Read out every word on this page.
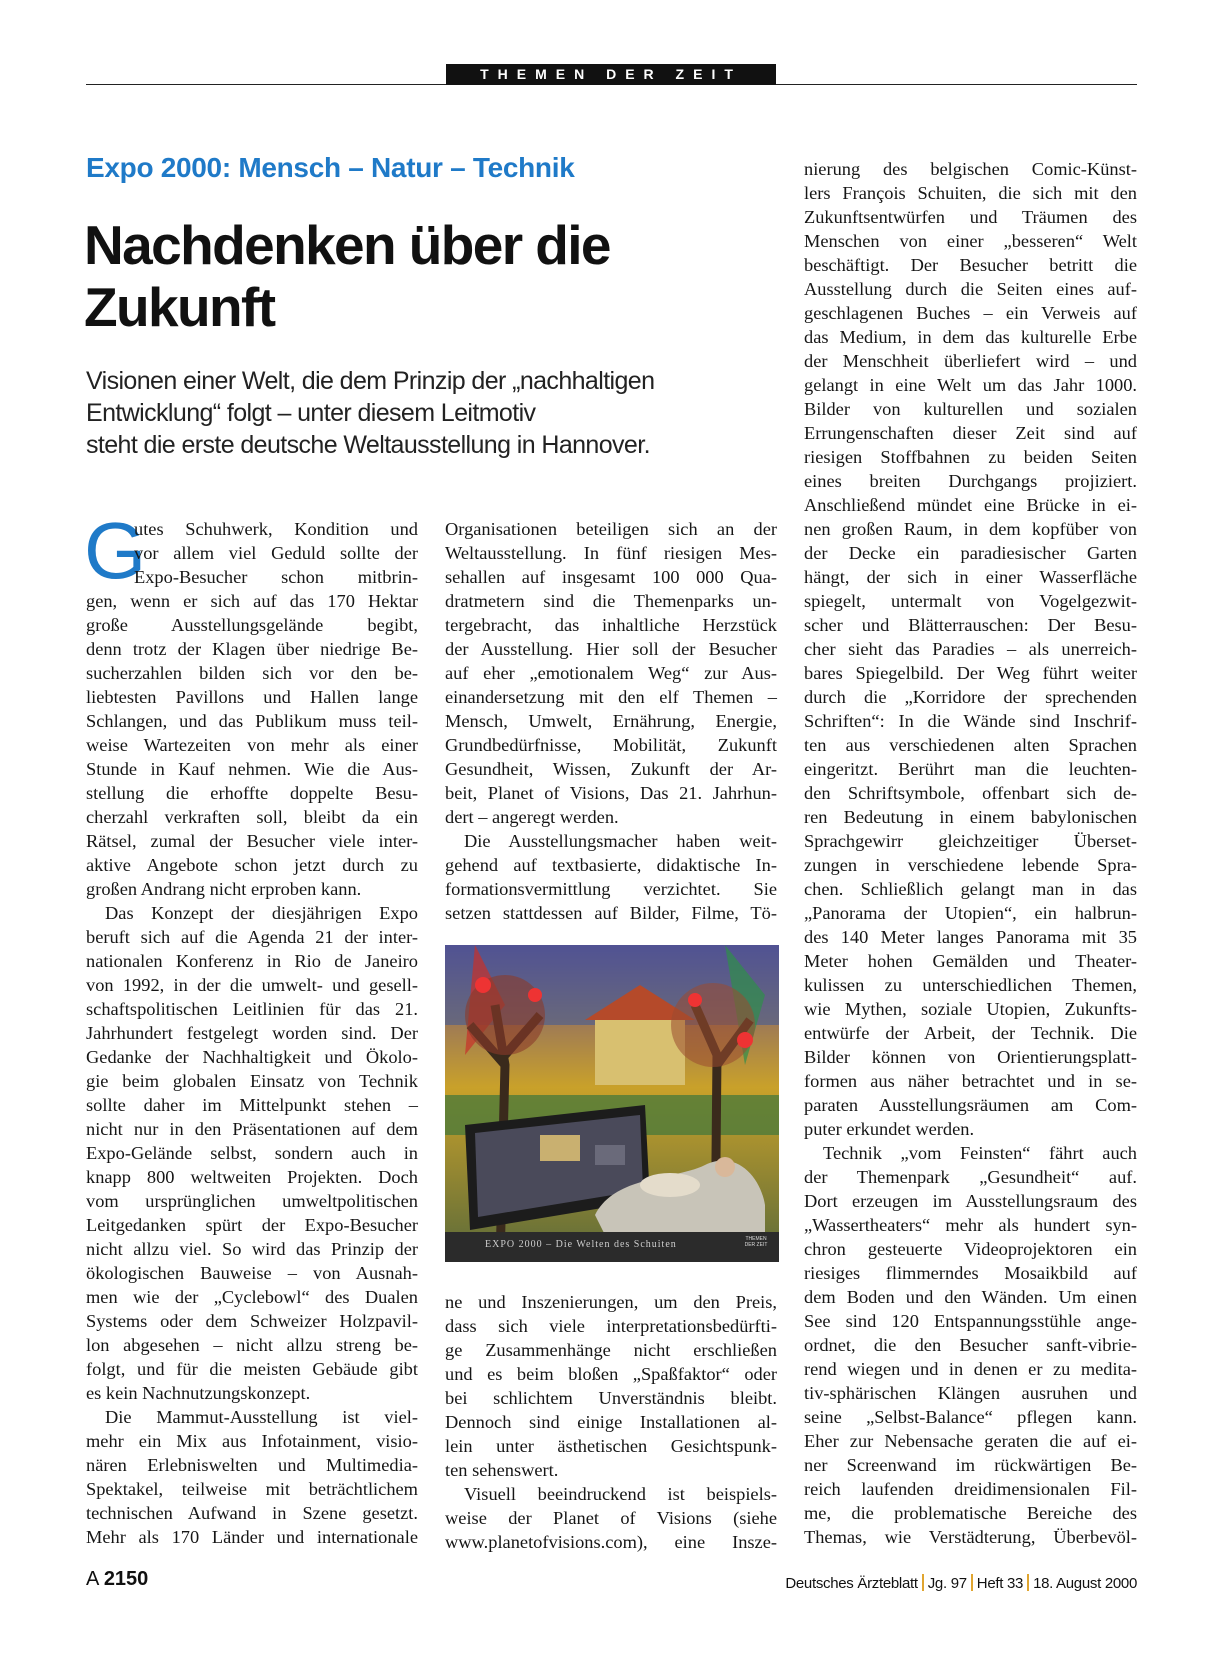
THEMEN DER ZEIT
Expo 2000: Mensch – Natur – Technik
Nachdenken über die
Zukunft
Visionen einer Welt, die dem Prinzip der „nachhaltigen
Entwicklung“ folgt – unter diesem Leitmotiv
steht die erste deutsche Weltausstellung in Hannover.
G
utes Schuhwerk, Kondition und
vor allem viel Geduld sollte der
Expo-Besucher schon mitbrin-
gen, wenn er sich auf das 170 Hektar
große Ausstellungsgelände begibt,
denn trotz der Klagen über niedrige Be-
sucherzahlen bilden sich vor den be-
liebtesten Pavillons und Hallen lange
Schlangen, und das Publikum muss teil-
weise Wartezeiten von mehr als einer
Stunde in Kauf nehmen. Wie die Aus-
stellung die erhoffte doppelte Besu-
cherzahl verkraften soll, bleibt da ein
Rätsel, zumal der Besucher viele inter-
aktive Angebote schon jetzt durch zu
großen Andrang nicht erproben kann.
Das Konzept der diesjährigen Expo
beruft sich auf die Agenda 21 der inter-
nationalen Konferenz in Rio de Janeiro
von 1992, in der die umwelt- und gesell-
schaftspolitischen Leitlinien für das 21.
Jahrhundert festgelegt worden sind. Der
Gedanke der Nachhaltigkeit und Ökolo-
gie beim globalen Einsatz von Technik
sollte daher im Mittelpunkt stehen –
nicht nur in den Präsentationen auf dem
Expo-Gelände selbst, sondern auch in
knapp 800 weltweiten Projekten. Doch
vom ursprünglichen umweltpolitischen
Leitgedanken spürt der Expo-Besucher
nicht allzu viel. So wird das Prinzip der
ökologischen Bauweise – von Ausnah-
men wie der „Cyclebowl“ des Dualen
Systems oder dem Schweizer Holzpavil-
lon abgesehen – nicht allzu streng be-
folgt, und für die meisten Gebäude gibt
es kein Nachnutzungskonzept.
Die Mammut-Ausstellung ist viel-
mehr ein Mix aus Infotainment, visio-
nären Erlebniswelten und Multimedia-
Spektakel, teilweise mit beträchtlichem
technischen Aufwand in Szene gesetzt.
Mehr als 170 Länder und internationale
Organisationen beteiligen sich an der
Weltausstellung. In fünf riesigen Mes-
sehallen auf insgesamt 100 000 Qua-
dratmetern sind die Themenparks un-
tergebracht, das inhaltliche Herzstück
der Ausstellung. Hier soll der Besucher
auf eher „emotionalem Weg“ zur Aus-
einandersetzung mit den elf Themen –
Mensch, Umwelt, Ernährung, Energie,
Grundbedürfnisse, Mobilität, Zukunft
Gesundheit, Wissen, Zukunft der Ar-
beit, Planet of Visions, Das 21. Jahrhun-
dert – angeregt werden.
Die Ausstellungsmacher haben weit-
gehend auf textbasierte, didaktische In-
formationsvermittlung verzichtet. Sie
setzen stattdessen auf Bilder, Filme, Tö-
EXPO 2000 – Die Welten des Schuiten	THEMEN DER ZEIT
ne und Inszenierungen, um den Preis,
dass sich viele interpretationsbedürfti-
ge Zusammenhänge nicht erschließen
und es beim bloßen „Spaßfaktor“ oder
bei schlichtem Unverständnis bleibt.
Dennoch sind einige Installationen al-
lein unter ästhetischen Gesichtspunk-
ten sehenswert.
Visuell beeindruckend ist beispiels-
weise der Planet of Visions (siehe
www.planetofvisions.com), eine Insze-
nierung des belgischen Comic-Künst-
lers François Schuiten, die sich mit den
Zukunftsentwürfen und Träumen des
Menschen von einer „besseren“ Welt
beschäftigt. Der Besucher betritt die
Ausstellung durch die Seiten eines auf-
geschlagenen Buches – ein Verweis auf
das Medium, in dem das kulturelle Erbe
der Menschheit überliefert wird – und
gelangt in eine Welt um das Jahr 1000.
Bilder von kulturellen und sozialen
Errungenschaften dieser Zeit sind auf
riesigen Stoffbahnen zu beiden Seiten
eines breiten Durchgangs projiziert.
Anschließend mündet eine Brücke in ei-
nen großen Raum, in dem kopfüber von
der Decke ein paradiesischer Garten
hängt, der sich in einer Wasserfläche
spiegelt, untermalt von Vogelgezwit-
scher und Blätterrauschen: Der Besu-
cher sieht das Paradies – als unerreich-
bares Spiegelbild. Der Weg führt weiter
durch die „Korridore der sprechenden
Schriften“: In die Wände sind Inschrif-
ten aus verschiedenen alten Sprachen
eingeritzt. Berührt man die leuchten-
den Schriftsymbole, offenbart sich de-
ren Bedeutung in einem babylonischen
Sprachgewirr gleichzeitiger Überset-
zungen in verschiedene lebende Spra-
chen. Schließlich gelangt man in das
„Panorama der Utopien“, ein halbrun-
des 140 Meter langes Panorama mit 35
Meter hohen Gemälden und Theater-
kulissen zu unterschiedlichen Themen,
wie Mythen, soziale Utopien, Zukunfts-
entwürfe der Arbeit, der Technik. Die
Bilder können von Orientierungsplatt-
formen aus näher betrachtet und in se-
paraten Ausstellungsräumen am Com-
puter erkundet werden.
Technik „vom Feinsten“ fährt auch
der Themenpark „Gesundheit“ auf.
Dort erzeugen im Ausstellungsraum des
„Wassertheaters“ mehr als hundert syn-
chron gesteuerte Videoprojektoren ein
riesiges flimmerndes Mosaikbild auf
dem Boden und den Wänden. Um einen
See sind 120 Entspannungsstühle ange-
ordnet, die den Besucher sanft-vibrie-
rend wiegen und in denen er zu medita-
tiv-sphärischen Klängen ausruhen und
seine „Selbst-Balance“ pflegen kann.
Eher zur Nebensache geraten die auf ei-
ner Screenwand im rückwärtigen Be-
reich laufenden dreidimensionalen Fil-
me, die problematische Bereiche des
Themas, wie Verstädterung, Überbevöl-
A 2150	Deutsches Ärzteblatt Jg. 97 Heft 33 18. August 2000
